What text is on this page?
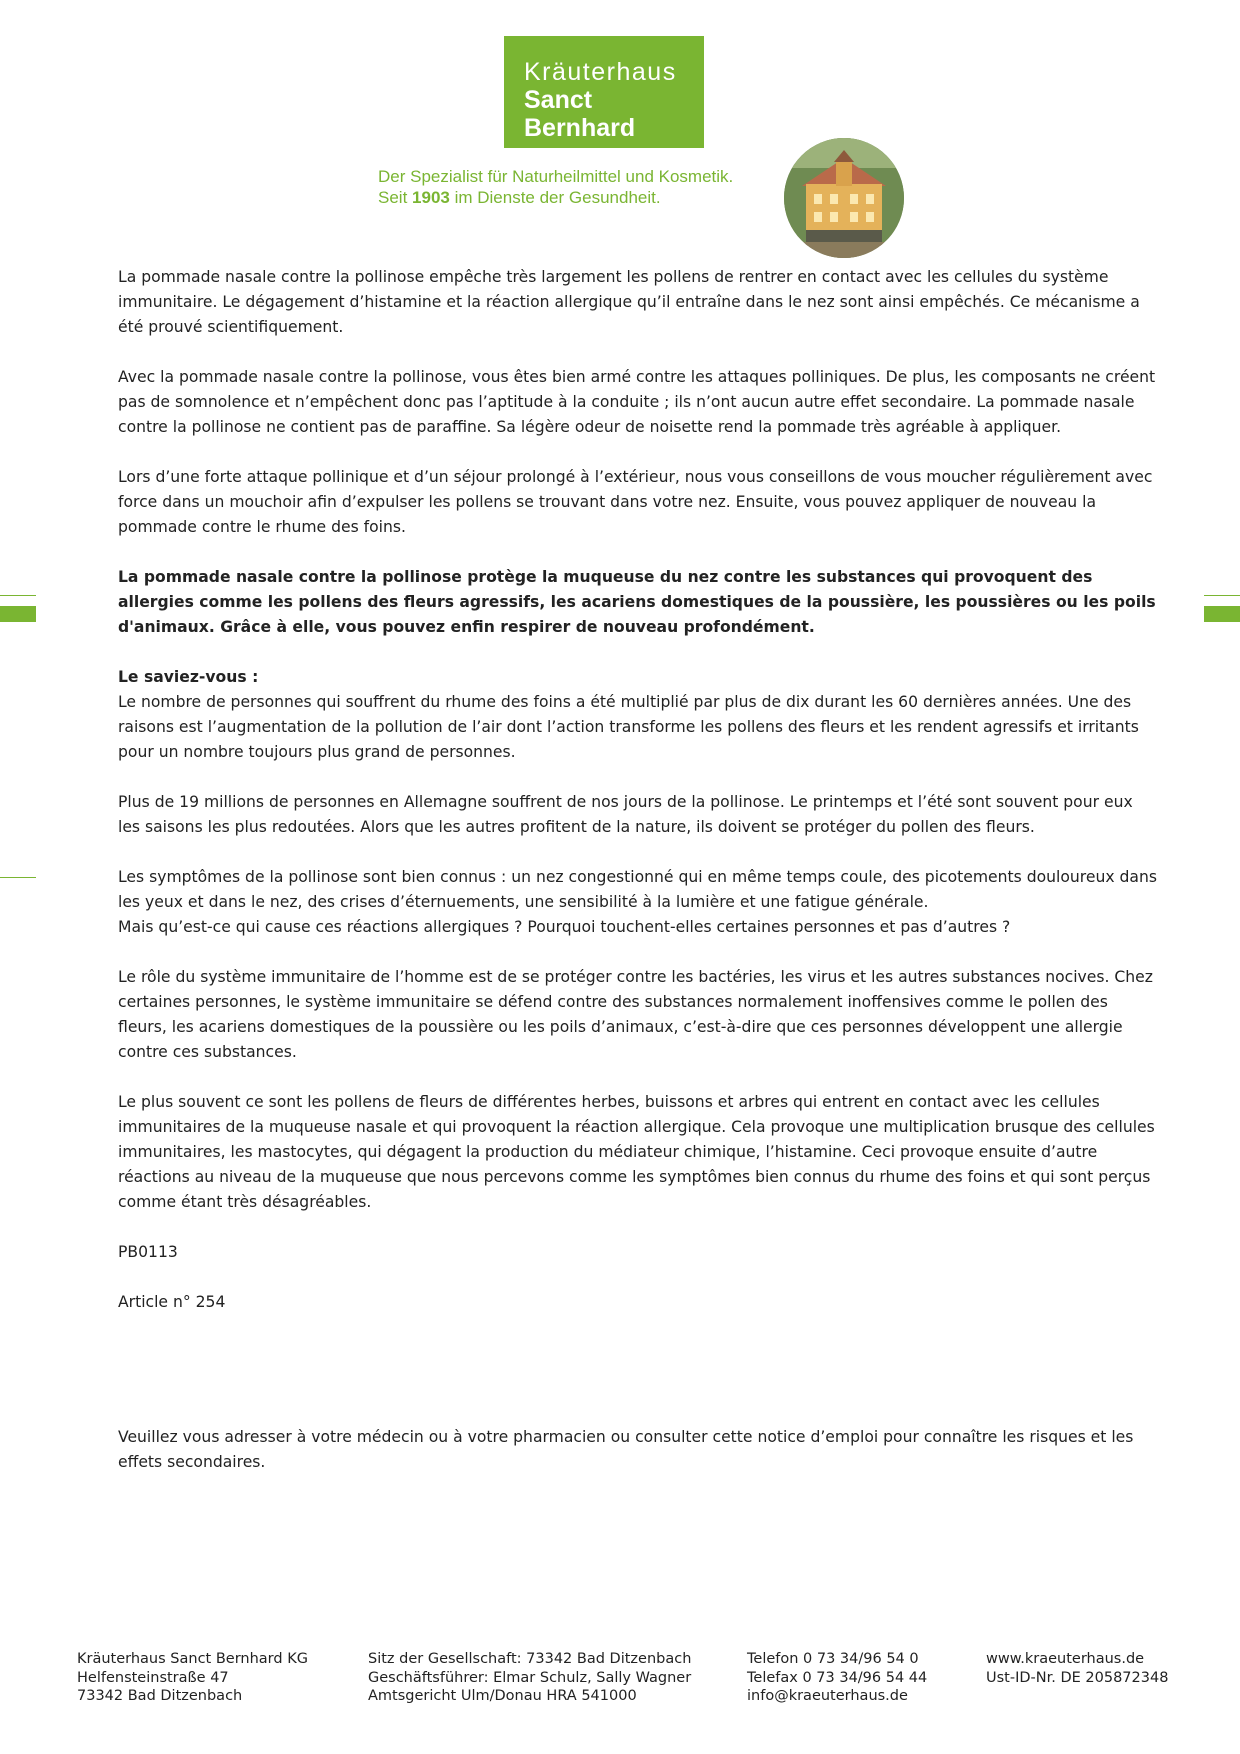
Kräuterhaus
Sanct Bernhard
Der Spezialist für Naturheilmittel und Kosmetik.
Seit 1903 im Dienste der Gesundheit.

La pommade nasale contre la pollinose empêche très largement les pollens de rentrer en contact avec les cellules du système immunitaire. Le dégagement d’histamine et la réaction allergique qu’il entraîne dans le nez sont ainsi empêchés. Ce mécanisme a été prouvé scientifiquement.

Avec la pommade nasale contre la pollinose, vous êtes bien armé contre les attaques polliniques. De plus, les composants ne créent pas de somnolence et n’empêchent donc pas l’aptitude à la conduite ; ils n’ont aucun autre effet secondaire. La pommade nasale contre la pollinose ne contient pas de paraffine. Sa légère odeur de noisette rend la pommade très agréable à appliquer.

Lors d’une forte attaque pollinique et d’un séjour prolongé à l’extérieur, nous vous conseillons de vous moucher régulièrement avec force dans un mouchoir afin d’expulser les pollens se trouvant dans votre nez. Ensuite, vous pouvez appliquer de nouveau la pommade contre le rhume des foins.

La pommade nasale contre la pollinose protège la muqueuse du nez contre les substances qui provoquent des allergies comme les pollens des fleurs agressifs, les acariens domestiques de la poussière, les poussières ou les poils d'animaux. Grâce à elle, vous pouvez enfin respirer de nouveau profondément.

Le saviez-vous :

Le nombre de personnes qui souffrent du rhume des foins a été multiplié par plus de dix durant les 60 dernières années. Une des raisons est l’augmentation de la pollution de l’air dont l’action transforme les pollens des fleurs et les rendent agressifs et irritants pour un nombre toujours plus grand de personnes.

Plus de 19 millions de personnes en Allemagne souffrent de nos jours de la pollinose. Le printemps et l’été sont souvent pour eux les saisons les plus redoutées. Alors que les autres profitent de la nature, ils doivent se protéger du pollen des fleurs.

Les symptômes de la pollinose sont bien connus : un nez congestionné qui en même temps coule, des picotements douloureux dans les yeux et dans le nez, des crises d’éternuements, une sensibilité à la lumière et une fatigue générale.

Mais qu’est-ce qui cause ces réactions allergiques ? Pourquoi touchent-elles certaines personnes et pas d’autres ?

Le rôle du système immunitaire de l’homme est de se protéger contre les bactéries, les virus et les autres substances nocives. Chez certaines personnes, le système immunitaire se défend contre des substances normalement inoffensives comme le pollen des fleurs, les acariens domestiques de la poussière ou les poils d’animaux, c’est-à-dire que ces personnes développent une allergie contre ces substances.

Le plus souvent ce sont les pollens de fleurs de différentes herbes, buissons et arbres qui entrent en contact avec les cellules immunitaires de la muqueuse nasale et qui provoquent la réaction allergique. Cela provoque une multiplication brusque des cellules immunitaires, les mastocytes, qui dégagent la production du médiateur chimique, l’histamine. Ceci provoque ensuite d’autre réactions au niveau de la muqueuse que nous percevons comme les symptômes bien connus du rhume des foins et qui sont perçus comme étant très désagréables.

PB0113

Article n° 254

Veuillez vous adresser à votre médecin ou à votre pharmacien ou consulter cette notice d’emploi pour connaître les risques et les effets secondaires.

Kräuterhaus Sanct Bernhard KG
Helfensteinstraße 47
73342 Bad Ditzenbach
Sitz der Gesellschaft: 73342 Bad Ditzenbach
Geschäftsführer: Elmar Schulz, Sally Wagner
Amtsgericht Ulm/Donau HRA 541000
Telefon 0 73 34/96 54 0
Telefax 0 73 34/96 54 44
info@kraeuterhaus.de
www.kraeuterhaus.de
Ust-ID-Nr. DE 205872348
